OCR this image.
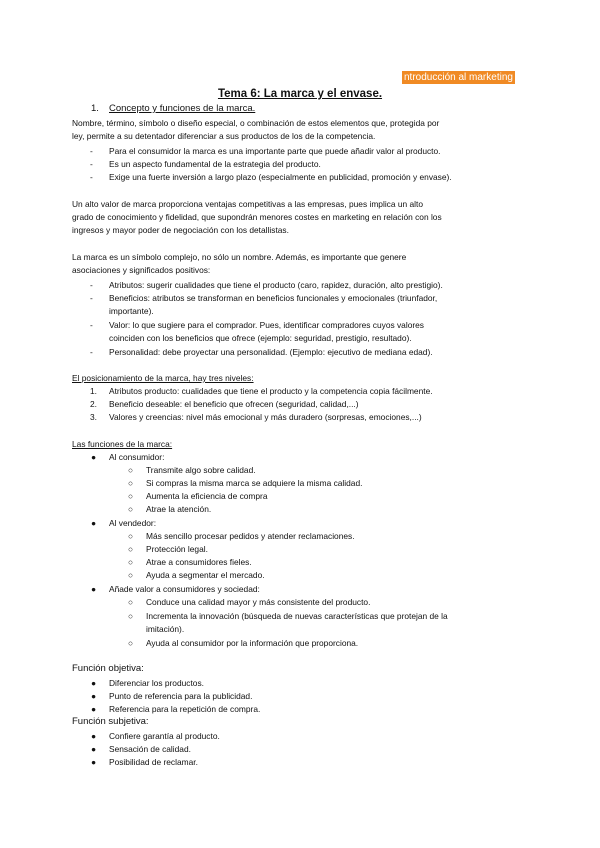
ntroducción al marketing
Tema 6: La marca y el envase.
1. Concepto y funciones de la marca.
Nombre, término, símbolo o diseño especial, o combinación de estos elementos que, protegida por
ley, permite a su detentador diferenciar a sus productos de los de la competencia.
- Para el consumidor la marca es una importante parte que puede añadir valor al producto.
- Es un aspecto fundamental de la estrategia del producto.
- Exige una fuerte inversión a largo plazo (especialmente en publicidad, promoción y envase).
Un alto valor de marca proporciona ventajas competitivas a las empresas, pues implica un alto
grado de conocimiento y fidelidad, que supondrán menores costes en marketing en relación con los
ingresos y mayor poder de negociación con los detallistas.
La marca es un símbolo complejo, no sólo un nombre. Además, es importante que genere
asociaciones y significados positivos:
- Atributos: sugerir cualidades que tiene el producto (caro, rapidez, duración, alto prestigio).
- Beneficios: atributos se transforman en beneficios funcionales y emocionales (triunfador,
importante).
- Valor: lo que sugiere para el comprador. Pues, identificar compradores cuyos valores
coinciden con los beneficios que ofrece (ejemplo: seguridad, prestigio, resultado).
- Personalidad: debe proyectar una personalidad. (Ejemplo: ejecutivo de mediana edad).
El posicionamiento de la marca, hay tres niveles:
1. Atributos producto: cualidades que tiene el producto y la competencia copia fácilmente.
2. Beneficio deseable: el beneficio que ofrecen (seguridad, calidad,...)
3. Valores y creencias: nivel más emocional y más duradero (sorpresas, emociones,...)
Las funciones de la marca:
● Al consumidor:
○ Transmite algo sobre calidad.
○ Si compras la misma marca se adquiere la misma calidad.
○ Aumenta la eficiencia de compra
○ Atrae la atención.
● Al vendedor:
○ Más sencillo procesar pedidos y atender reclamaciones.
○ Protección legal.
○ Atrae a consumidores fieles.
○ Ayuda a segmentar el mercado.
● Añade valor a consumidores y sociedad:
○ Conduce una calidad mayor y más consistente del producto.
○ Incrementa la innovación (búsqueda de nuevas características que protejan de la
imitación).
○ Ayuda al consumidor por la información que proporciona.
Función objetiva:
● Diferenciar los productos.
● Punto de referencia para la publicidad.
● Referencia para la repetición de compra.
Función subjetiva:
● Confiere garantía al producto.
● Sensación de calidad.
● Posibilidad de reclamar.
